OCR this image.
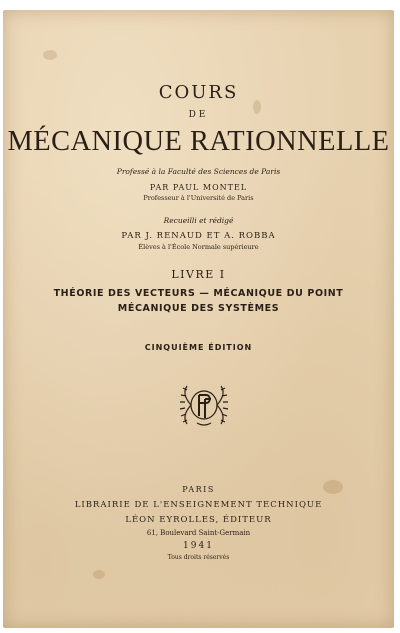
COURS
DE
MÉCANIQUE RATIONNELLE
Professé à la Faculté des Sciences de Paris
PAR PAUL MONTEL
Professeur à l'Université de Paris
Recueilli et rédigé
PAR J. RENAUD ET A. ROBBA
Élèves à l'École Normale supérieure
LIVRE I
THÉORIE DES VECTEURS — MÉCANIQUE DU POINT
MÉCANIQUE DES SYSTÈMES
CINQUIÈME ÉDITION
PARIS
LIBRAIRIE DE L'ENSEIGNEMENT TECHNIQUE
LÉON EYROLLES, ÉDITEUR
61, Boulevard Saint-Germain
1941
Tous droits réservés
